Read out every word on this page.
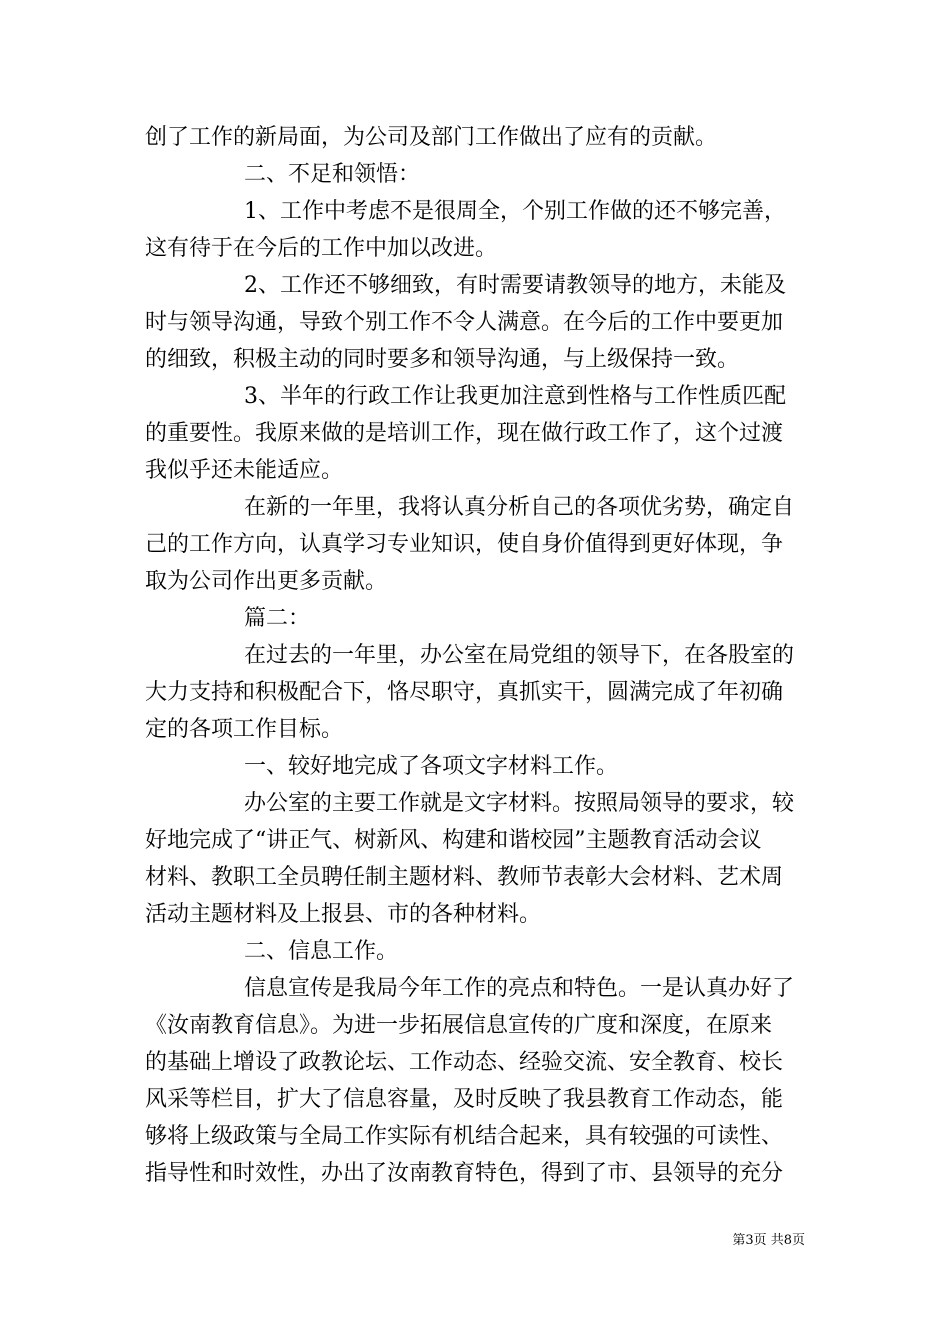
创了工作的新局面，为公司及部门工作做出了应有的贡献。
二、不足和领悟：
1、工作中考虑不是很周全，个别工作做的还不够完善，
这有待于在今后的工作中加以改进。
2、工作还不够细致，有时需要请教领导的地方，未能及
时与领导沟通，导致个别工作不令人满意。在今后的工作中要更加
的细致，积极主动的同时要多和领导沟通，与上级保持一致。
3、半年的行政工作让我更加注意到性格与工作性质匹配
的重要性。我原来做的是培训工作，现在做行政工作了，这个过渡
我似乎还未能适应。
在新的一年里，我将认真分析自己的各项优劣势，确定自
己的工作方向，认真学习专业知识，使自身价值得到更好体现，争
取为公司作出更多贡献。
篇二：
在过去的一年里，办公室在局党组的领导下，在各股室的
大力支持和积极配合下，恪尽职守，真抓实干，圆满完成了年初确
定的各项工作目标。
一、较好地完成了各项文字材料工作。
办公室的主要工作就是文字材料。按照局领导的要求，较
好地完成了“讲正气、树新风、构建和谐校园”主题教育活动会议
材料、教职工全员聘任制主题材料、教师节表彰大会材料、艺术周
活动主题材料及上报县、市的各种材料。
二、信息工作。
信息宣传是我局今年工作的亮点和特色。一是认真办好了
《汝南教育信息》。为进一步拓展信息宣传的广度和深度，在原来
的基础上增设了政教论坛、工作动态、经验交流、安全教育、校长
风采等栏目，扩大了信息容量，及时反映了我县教育工作动态，能
够将上级政策与全局工作实际有机结合起来，具有较强的可读性、
指导性和时效性，办出了汝南教育特色，得到了市、县领导的充分
第3页 共8页
